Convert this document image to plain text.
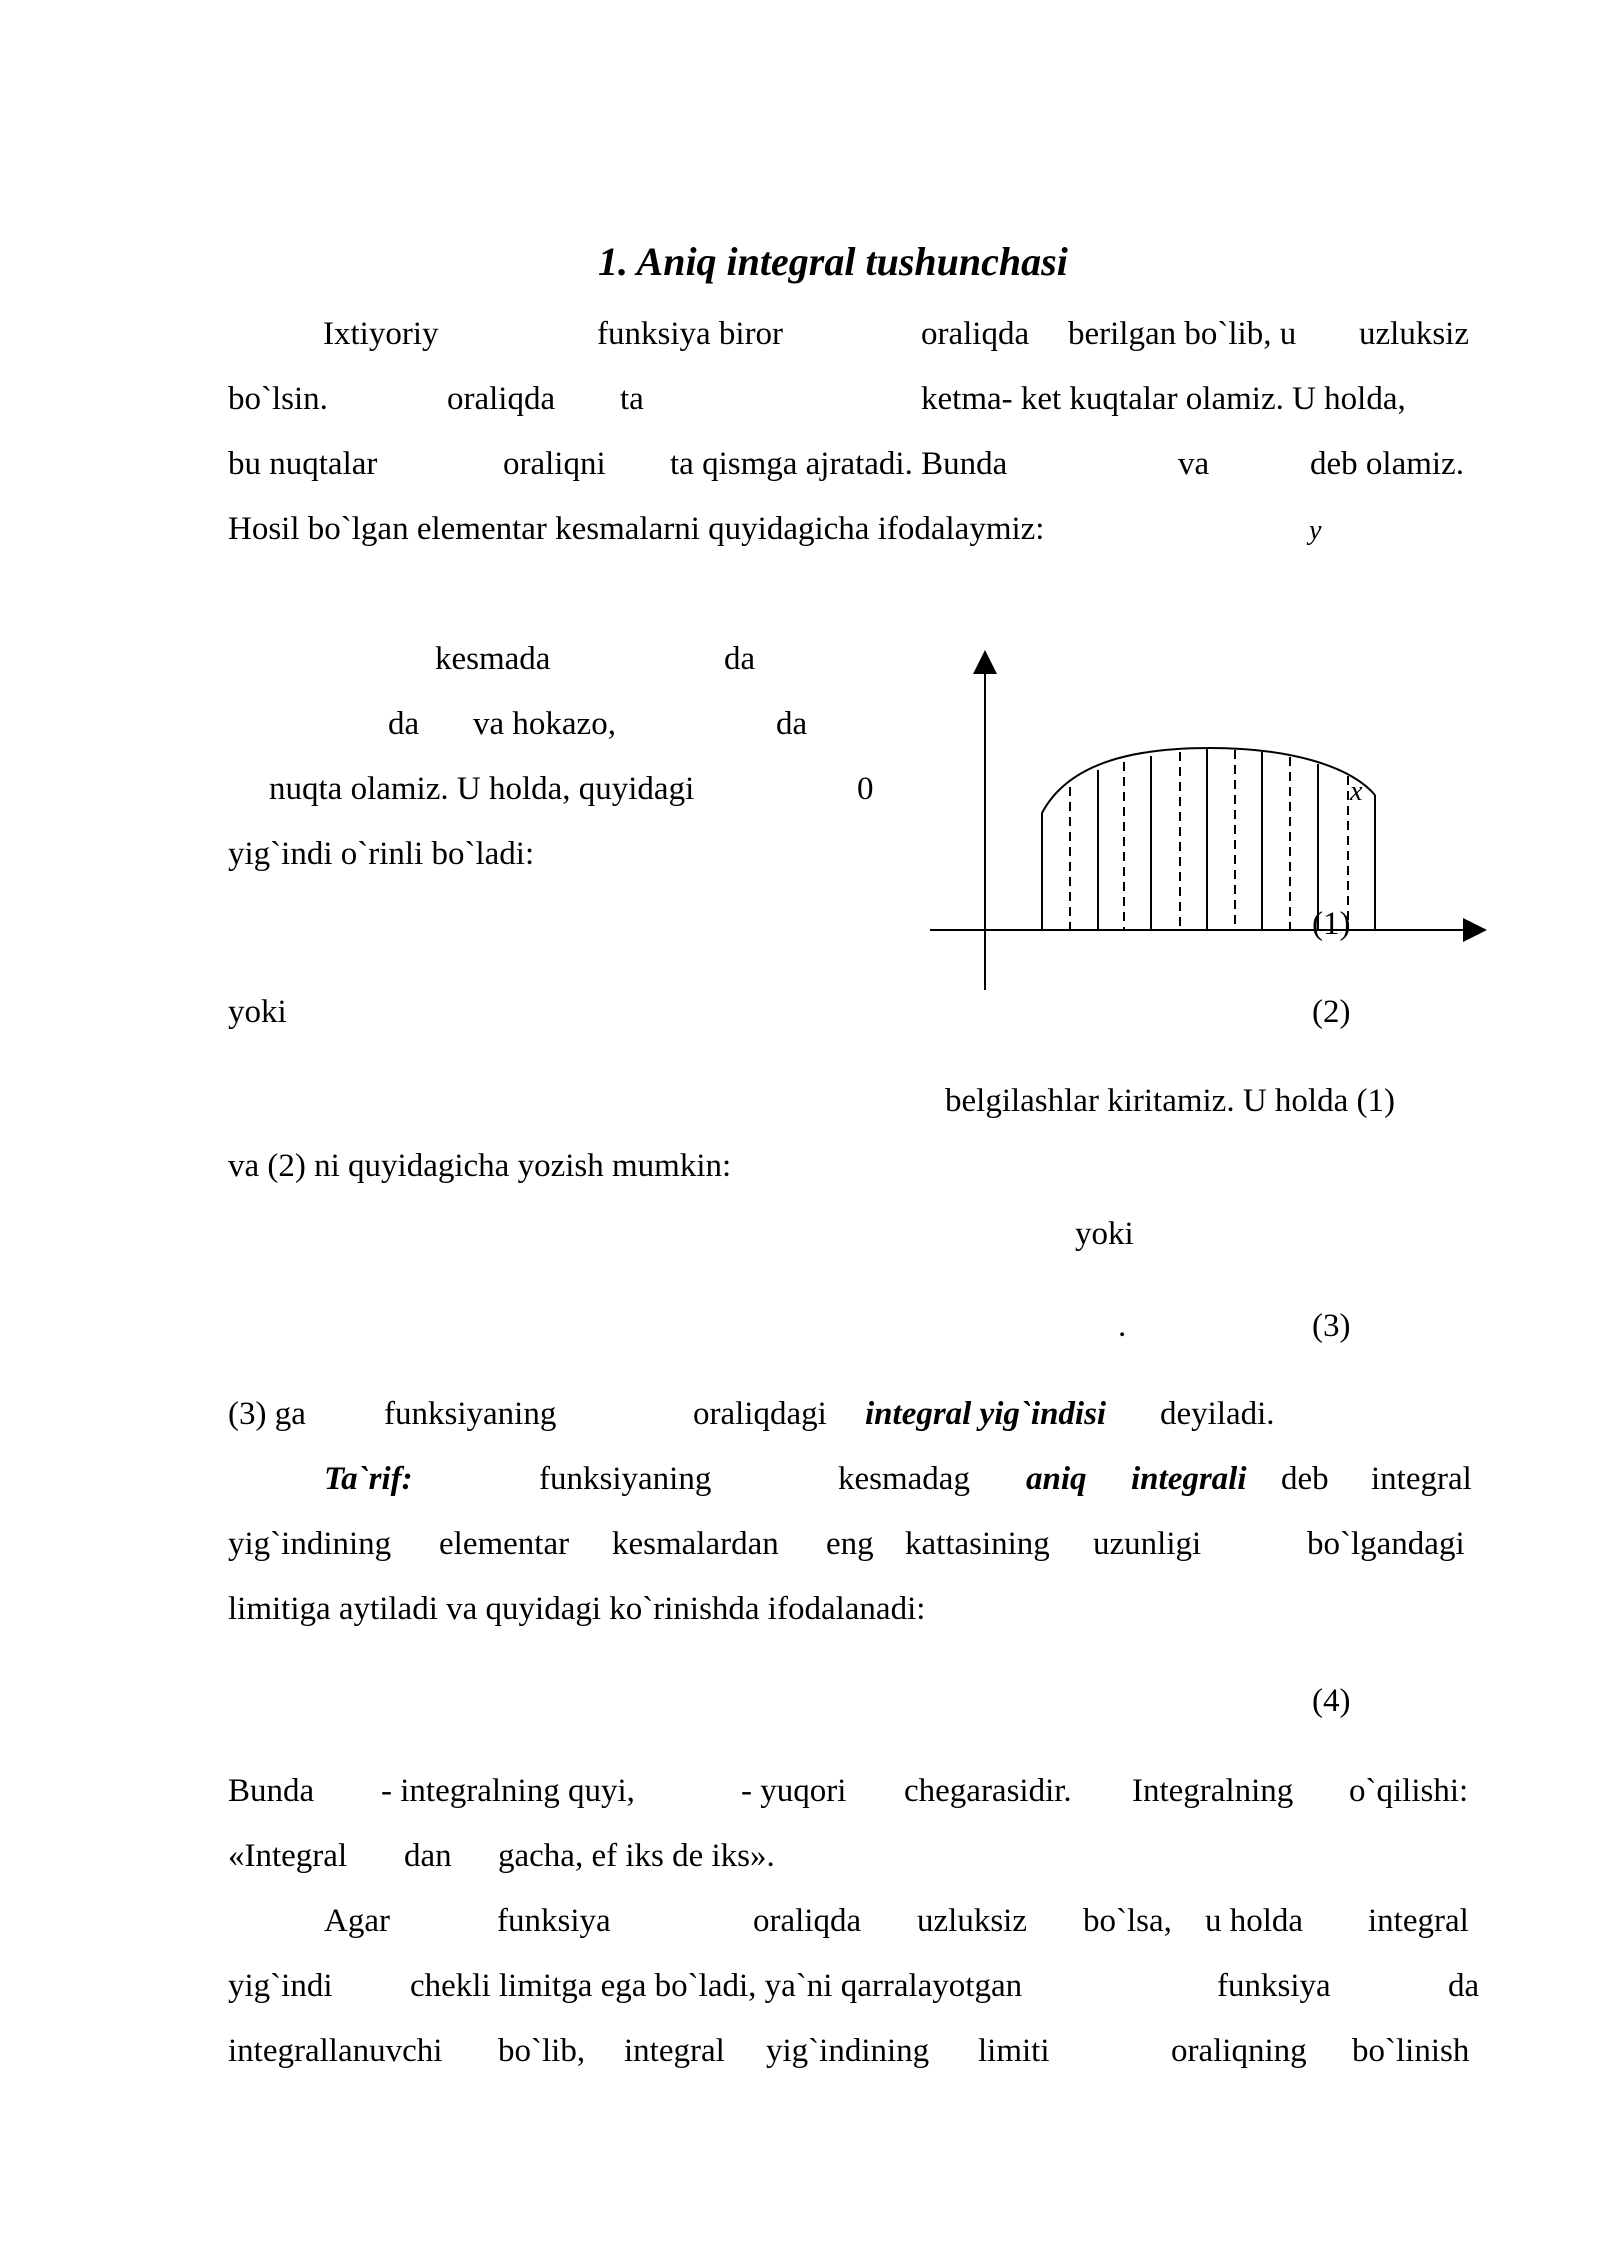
1. Aniq integral tushunchasi
Ixtiyoriy	funksiya biror	oraliqda berilgan bo`lib, u uzluksiz
bo`lsin.	oraliqda ta	ketma- ket kuqtalar olamiz. U holda,
bu nuqtalar	oraliqni ta qismga ajratadi. Bunda	va	deb olamiz.
Hosil bo`lgan elementar kesmalarni quyidagicha ifodalaymiz:	y
x
kesmada	da
da va hokazo,	da
nuqta olamiz. U holda, quyidagi	0
yig`indi o`rinli bo`ladi:
(1)
yoki	(2)
belgilashlar kiritamiz. U holda (1)
va (2) ni quyidagicha yozish mumkin:
yoki
.	(3)
(3) ga funksiyaning	oraliqdagi integral yig`indisi deyiladi.
Ta`rif:	funksiyaning	kesmadag aniq integrali deb integral
yig`indining elementar kesmalardan eng kattasining uzunligi	bo`lgandagi
limitiga aytiladi va quyidagi ko`rinishda ifodalanadi:
(4)
Bunda - integralning quyi,	- yuqori chegarasidir. Integralning o`qilishi:
«Integral dan gacha, ef iks de iks».
Agar	funksiya	oraliqda uzluksiz bo`lsa, u holda integral
yig`indi chekli limitga ega bo`ladi, ya`ni qarralayotgan	funksiya	da
integrallanuvchi bo`lib, integral yig`indining limiti	oraliqning bo`linish
